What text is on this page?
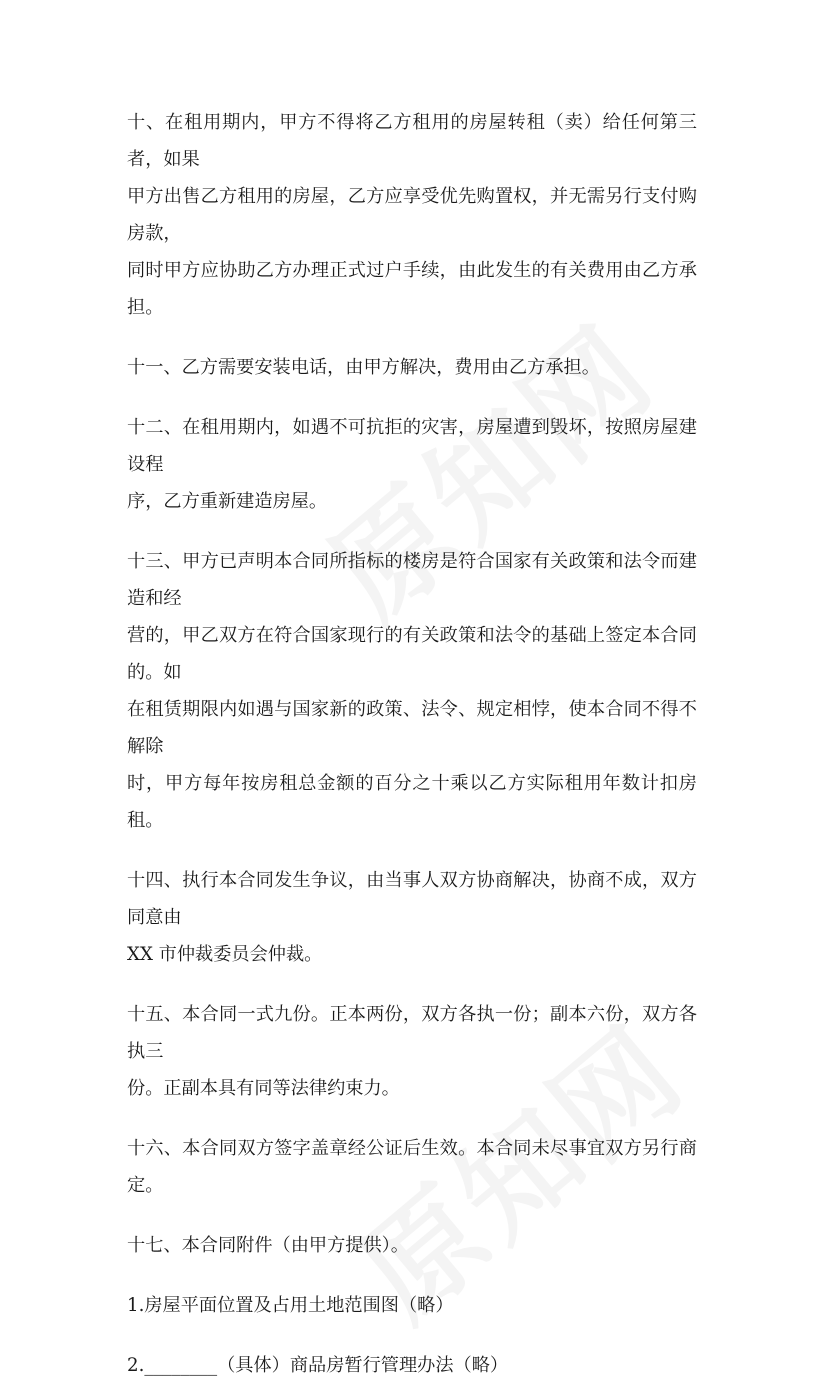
十、在租用期内，甲方不得将乙方租用的房屋转租（卖）给任何第三者，如果
甲方出售乙方租用的房屋，乙方应享受优先购置权，并无需另行支付购房款，
同时甲方应协助乙方办理正式过户手续，由此发生的有关费用由乙方承担。

十一、乙方需要安装电话，由甲方解决，费用由乙方承担。

十二、在租用期内，如遇不可抗拒的灾害，房屋遭到毁坏，按照房屋建设程
序，乙方重新建造房屋。

十三、甲方已声明本合同所指标的楼房是符合国家有关政策和法令而建造和经
营的，甲乙双方在符合国家现行的有关政策和法令的基础上签定本合同的。如
在租赁期限内如遇与国家新的政策、法令、规定相悖，使本合同不得不解除
时，甲方每年按房租总金额的百分之十乘以乙方实际租用年数计扣房租。

十四、执行本合同发生争议，由当事人双方协商解决，协商不成，双方同意由
XX 市仲裁委员会仲裁。

十五、本合同一式九份。正本两份，双方各执一份；副本六份，双方各执三
份。正副本具有同等法律约束力。

十六、本合同双方签字盖章经公证后生效。本合同未尽事宜双方另行商定。

十七、本合同附件（由甲方提供）。

1.房屋平面位置及占用土地范围图（略）

2.________（具体）商品房暂行管理办法（略）
